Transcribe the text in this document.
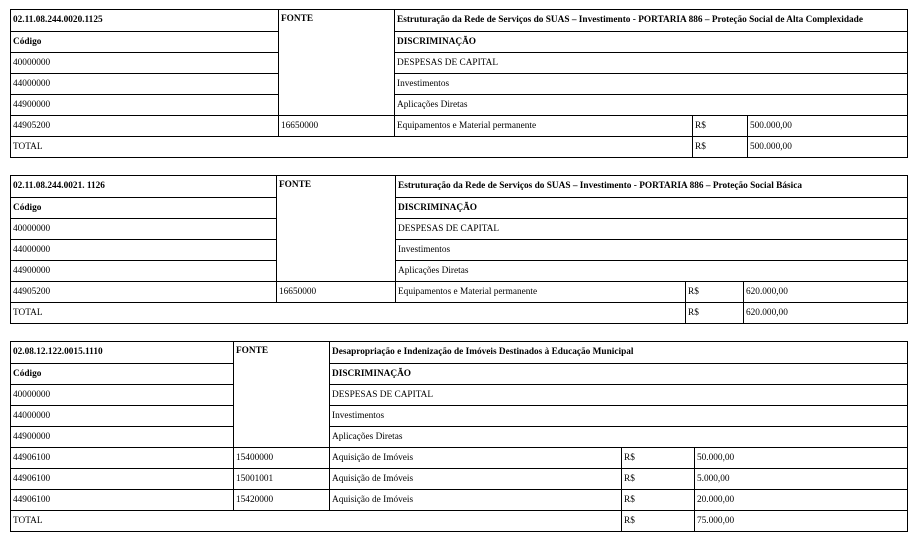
02.11.08.244.0020.1125	FONTE	Estruturação da Rede de Serviços do SUAS – Investimento - PORTARIA 886 – Proteção Social de Alta Complexidade		
Código		DISCRIMINAÇÃO		
40000000		DESPESAS DE CAPITAL		
44000000		Investimentos		
44900000		Aplicações Diretas		
44905200	16650000	Equipamentos e Material permanente	R$	500.000,00
TOTAL			R$	500.000,00
02.11.08.244.0021. 1126	FONTE	Estruturação da Rede de Serviços do SUAS – Investimento - PORTARIA 886 – Proteção Social Básica		
Código		DISCRIMINAÇÃO		
40000000		DESPESAS DE CAPITAL		
44000000		Investimentos		
44900000		Aplicações Diretas		
44905200	16650000	Equipamentos e Material permanente	R$	620.000,00
TOTAL			R$	620.000,00
02.08.12.122.0015.1110	FONTE	Desapropriação e Indenização de Imóveis Destinados à Educação Municipal		
Código		DISCRIMINAÇÃO		
40000000		DESPESAS DE CAPITAL		
44000000		Investimentos		
44900000		Aplicações Diretas		
44906100	15400000	Aquisição de Imóveis	R$	50.000,00
44906100	15001001	Aquisição de Imóveis	R$	5.000,00
44906100	15420000	Aquisição de Imóveis	R$	20.000,00
TOTAL			R$	75.000,00
